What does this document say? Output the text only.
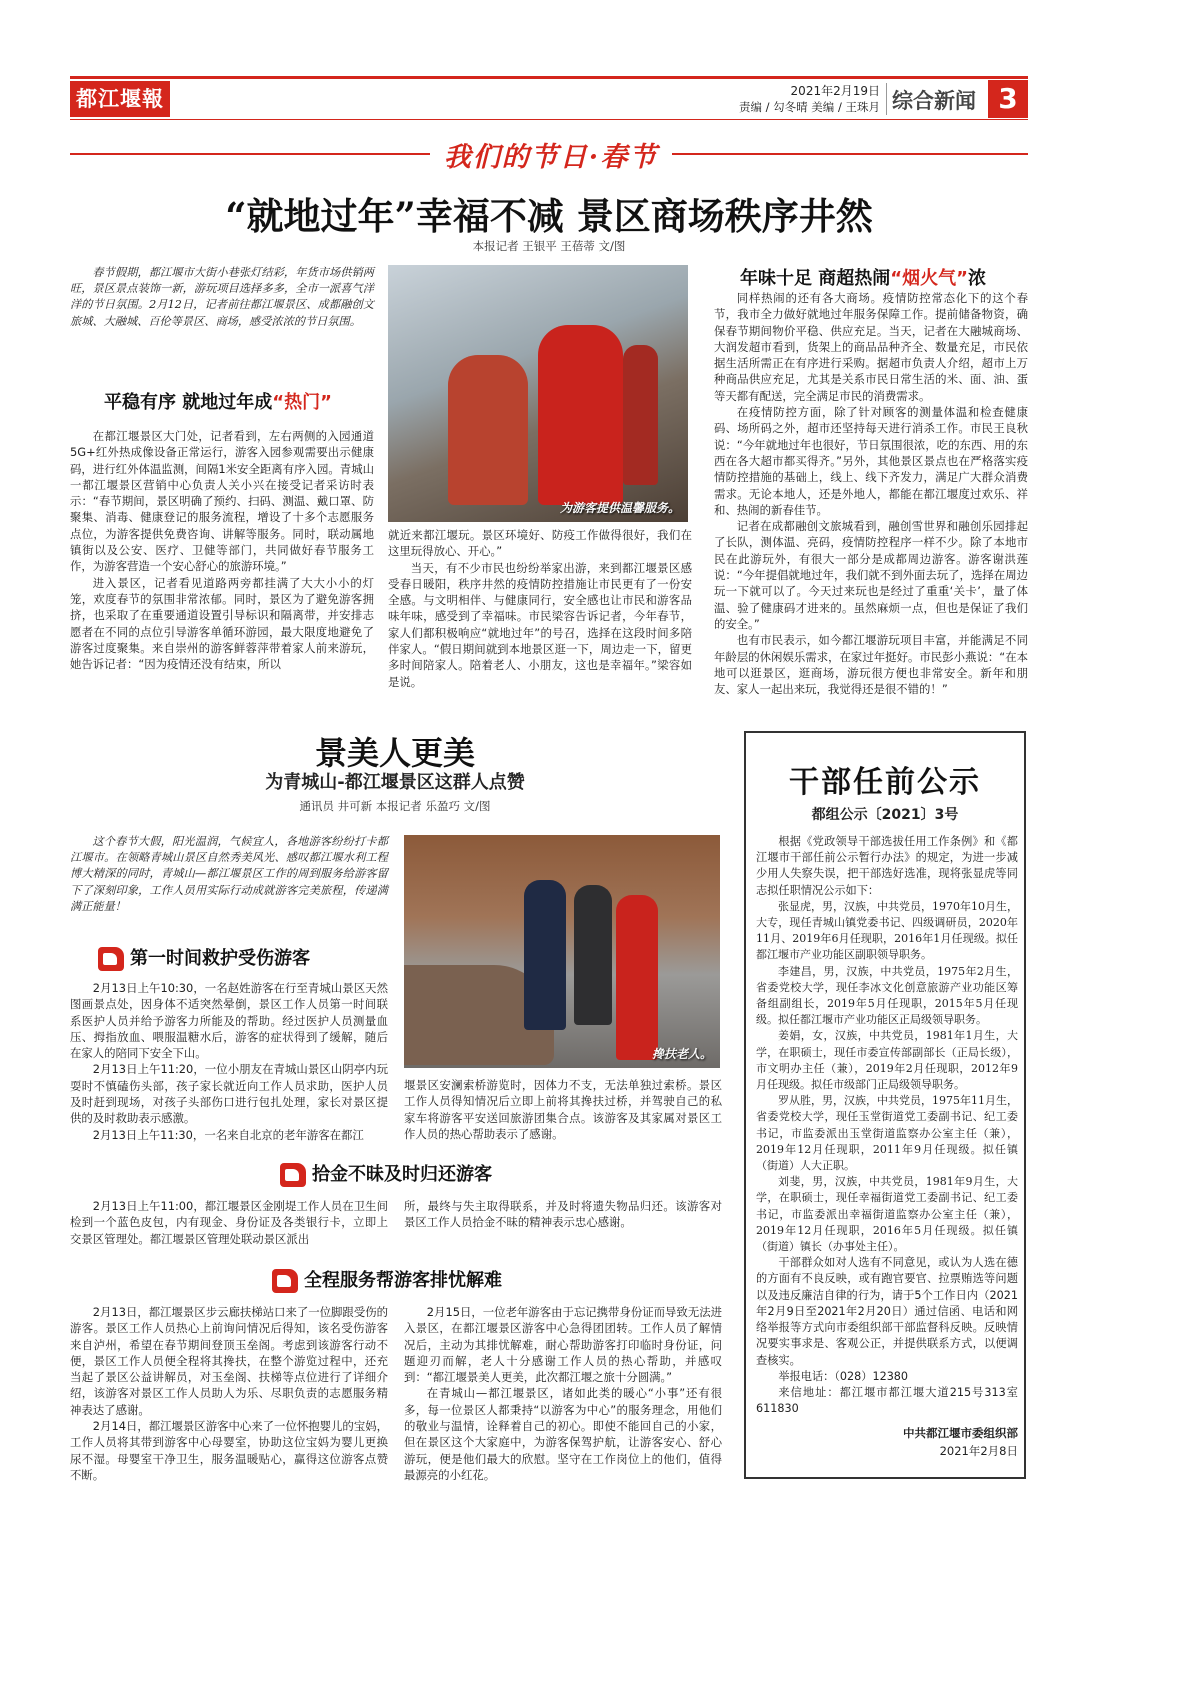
都江堰報	2021年2月19日
责编 / 勾冬晴 美编 / 王珠月 综合新闻 3
我们的节日·春节
“就地过年”幸福不减 景区商场秩序井然
本报记者 王银平 王蓓蒂 文/图

春节假期，都江堰市大街小巷张灯结彩，年货市场供销两旺，景区景点装饰一新，游玩项目选择多多，全市一派喜气洋洋的节日氛围。2月12日，记者前往都江堰景区、成都融创文旅城、大融城、百伦等景区、商场，感受浓浓的节日氛围。

平稳有序 就地过年成“热门”

在都江堰景区大门处，记者看到，左右两侧的入园通道5G+红外热成像设备正常运行，游客入园参观需要出示健康码，进行红外体温监测，间隔1米安全距离有序入园。青城山一都江堰景区营销中心负责人关小兴在接受记者采访时表示：“春节期间，景区明确了预约、扫码、测温、戴口罩、防聚集、消毒、健康登记的服务流程，增设了十多个志愿服务点位，为游客提供免费咨询、讲解等服务。同时，联动属地镇街以及公安、医疗、卫健等部门，共同做好春节服务工作，为游客营造一个安心舒心的旅游环境。”

进入景区，记者看见道路两旁都挂满了大大小小的灯笼，欢度春节的氛围非常浓郁。同时，景区为了避免游客拥挤，也采取了在重要通道设置引导标识和隔离带，并安排志愿者在不同的点位引导游客单循环游园，最大限度地避免了游客过度聚集。来自崇州的游客鲜蓉萍带着家人前来游玩，她告诉记者：“因为疫情还没有结束，所以

为游客提供温馨服务。

就近来都江堰玩。景区环境好、防疫工作做得很好，我们在这里玩得放心、开心。”

当天，有不少市民也纷纷举家出游，来到都江堰景区感受春日暖阳，秩序井然的疫情防控措施让市民更有了一份安全感。与文明相伴、与健康同行，安全感也让市民和游客品味年味，感受到了幸福味。市民梁容告诉记者，今年春节，家人们都积极响应“就地过年”的号召，选择在这段时间多陪伴家人。“假日期间就到本地景区逛一下，周边走一下，留更多时间陪家人。陪着老人、小朋友，这也是幸福年。”梁容如是说。

年味十足 商超热闹“烟火气”浓

同样热闹的还有各大商场。疫情防控常态化下的这个春节，我市全力做好就地过年服务保障工作。提前储备物资，确保春节期间物价平稳、供应充足。当天，记者在大融城商场、大润发超市看到，货架上的商品品种齐全、数量充足，市民依据生活所需正在有序进行采购。据超市负责人介绍，超市上万种商品供应充足，尤其是关系市民日常生活的米、面、油、蛋等天都有配送，完全满足市民的消费需求。

在疫情防控方面，除了针对顾客的测量体温和检查健康码、场所码之外，超市还坚持每天进行消杀工作。市民王良秋说：“今年就地过年也很好，节日氛围很浓，吃的东西、用的东西在各大超市都买得齐。”另外，其他景区景点也在严格落实疫情防控措施的基础上，线上、线下齐发力，满足广大群众消费需求。无论本地人，还是外地人，都能在都江堰度过欢乐、祥和、热闹的新春佳节。

记者在成都融创文旅城看到，融创雪世界和融创乐园排起了长队，测体温、亮码，疫情防控程序一样不少。除了本地市民在此游玩外，有很大一部分是成都周边游客。游客谢洪莲说：“今年提倡就地过年，我们就不到外面去玩了，选择在周边玩一下就可以了。今天过来玩也是经过了重重‘关卡’，量了体温、验了健康码才进来的。虽然麻烦一点，但也是保证了我们的安全。”

也有市民表示，如今都江堰游玩项目丰富，并能满足不同年龄层的休闲娱乐需求，在家过年挺好。市民彭小燕说：“在本地可以逛景区，逛商场，游玩很方便也非常安全。新年和朋友、家人一起出来玩，我觉得还是很不错的！”

景美人更美
为青城山-都江堰景区这群人点赞
通讯员 井可新 本报记者 乐盈巧 文/图

这个春节大假，阳光温润，气候宜人，各地游客纷纷打卡都江堰市。在领略青城山景区自然秀美风光、感叹都江堰水利工程博大精深的同时，青城山—都江堰景区工作的周到服务给游客留下了深刻印象，工作人员用实际行动成就游客完美旅程，传递满满正能量！

搀扶老人。
第一时间救护受伤游客

2月13日上午10:30，一名赵姓游客在行至青城山景区天然图画景点处，因身体不适突然晕倒，景区工作人员第一时间联系医护人员并给予游客力所能及的帮助。经过医护人员测量血压、拇指放血、喂服温糖水后，游客的症状得到了缓解，随后在家人的陪同下安全下山。

2月13日上午11:20，一位小朋友在青城山景区山阴亭内玩耍时不慎磕伤头部，孩子家长就近向工作人员求助，医护人员及时赶到现场，对孩子头部伤口进行包扎处理，家长对景区提供的及时救助表示感激。

2月13日上午11:30，一名来自北京的老年游客在都江

堰景区安澜索桥游览时，因体力不支，无法单独过索桥。景区工作人员得知情况后立即上前将其搀扶过桥，并驾驶自己的私家车将游客平安送回旅游团集合点。该游客及其家属对景区工作人员的热心帮助表示了感谢。

拾金不昧及时归还游客

2月13日上午11:00，都江堰景区金刚堤工作人员在卫生间检到一个蓝色皮包，内有现金、身份证及各类银行卡，立即上交景区管理处。都江堰景区管理处联动景区派出

所，最终与失主取得联系，并及时将遗失物品归还。该游客对景区工作人员拾金不昧的精神表示忠心感谢。

全程服务帮游客排忧解难

2月13日，都江堰景区步云廊扶梯站口来了一位脚跟受伤的游客。景区工作人员热心上前询问情况后得知，该名受伤游客来自泸州，希望在春节期间登顶玉垒阁。考虑到该游客行动不便，景区工作人员便全程将其搀扶，在整个游览过程中，还充当起了景区公益讲解员，对玉垒阁、扶梯等点位进行了详细介绍，该游客对景区工作人员助人为乐、尽职负责的志愿服务精神表达了感谢。

2月14日，都江堰景区游客中心来了一位怀抱婴儿的宝妈，工作人员将其带到游客中心母婴室，协助这位宝妈为婴儿更换尿不湿。母婴室干净卫生，服务温暖贴心，赢得这位游客点赞不断。

2月15日，一位老年游客由于忘记携带身份证而导致无法进入景区，在都江堰景区游客中心急得团团转。工作人员了解情况后，主动为其排忧解难，耐心帮助游客打印临时身份证，问题迎刃而解，老人十分感谢工作人员的热心帮助，并感叹到：“都江堰景美人更美，此次都江堰之旅十分圆满。”

在青城山—都江堰景区，诸如此类的暖心“小事”还有很多，每一位景区人都秉持“以游客为中心”的服务理念，用他们的敬业与温情，诠释着自己的初心。即使不能回自己的小家，但在景区这个大家庭中，为游客保驾护航，让游客安心、舒心游玩，便是他们最大的欣慰。坚守在工作岗位上的他们，值得最源亮的小红花。

干部任前公示
都组公示〔2021〕3号

根据《党政领导干部选拔任用工作条例》和《都江堰市干部任前公示暂行办法》的规定，为进一步减少用人失察失误，把干部选好选准，现将张显虎等同志拟任职情况公示如下：

张显虎，男，汉族，中共党员，1970年10月生，大专，现任青城山镇党委书记、四级调研员，2020年11月、2019年6月任现职，2016年1月任现级。拟任都江堰市产业功能区副职领导职务。

李建昌，男，汉族，中共党员，1975年2月生，省委党校大学，现任李冰文化创意旅游产业功能区筹备组副组长，2019年5月任现职，2015年5月任现级。拟任都江堰市产业功能区正局级领导职务。

姜娟，女，汉族，中共党员，1981年1月生，大学，在职硕士，现任市委宣传部副部长（正局长级），市文明办主任（兼），2019年2月任现职，2012年9月任现级。拟任市级部门正局级领导职务。

罗从胜，男，汉族，中共党员，1975年11月生，省委党校大学，现任玉堂街道党工委副书记、纪工委书记，市监委派出玉堂街道监察办公室主任（兼），2019年12月任现职，2011年9月任现级。拟任镇（街道）人大正职。

刘斐，男，汉族，中共党员，1981年9月生，大学，在职硕士，现任幸福街道党工委副书记、纪工委书记，市监委派出幸福街道监察办公室主任（兼），2019年12月任现职，2016年5月任现级。拟任镇（街道）镇长（办事处主任）。

干部群众如对人选有不同意见，或认为人选在德的方面有不良反映，或有跑官要官、拉票贿选等问题以及违反廉洁自律的行为，请于5个工作日内（2021年2月9日至2021年2月20日）通过信函、电话和网络举报等方式向市委组织部干部监督科反映。反映情况要实事求是、客观公正，并提供联系方式，以便调查核实。

举报电话：（028）12380

来信地址：都江堰市都江堰大道215号313室 611830

中共都江堰市委组织部

2021年2月8日
